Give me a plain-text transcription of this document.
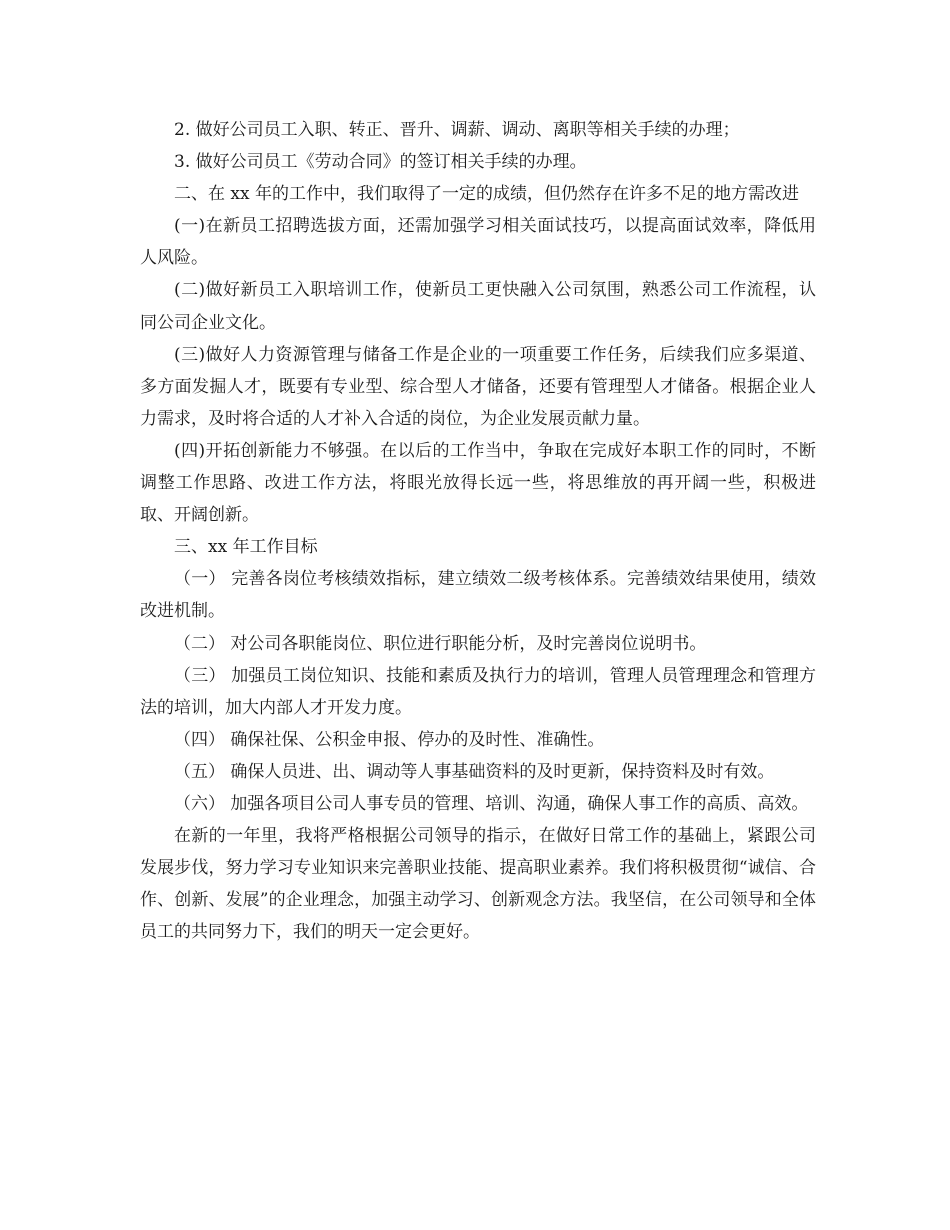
2. 做好公司员工入职、转正、晋升、调薪、调动、离职等相关手续的办理；

3. 做好公司员工《劳动合同》的签订相关手续的办理。

二、在 xx 年的工作中，我们取得了一定的成绩，但仍然存在许多不足的地方需改进

(一)在新员工招聘选拔方面，还需加强学习相关面试技巧，以提高面试效率，降低用人风险。

(二)做好新员工入职培训工作，使新员工更快融入公司氛围，熟悉公司工作流程，认同公司企业文化。

(三)做好人力资源管理与储备工作是企业的一项重要工作任务，后续我们应多渠道、多方面发掘人才，既要有专业型、综合型人才储备，还要有管理型人才储备。根据企业人力需求，及时将合适的人才补入合适的岗位，为企业发展贡献力量。

(四)开拓创新能力不够强。在以后的工作当中，争取在完成好本职工作的同时，不断调整工作思路、改进工作方法，将眼光放得长远一些，将思维放的再开阔一些，积极进取、开阔创新。

三、xx 年工作目标

（一） 完善各岗位考核绩效指标，建立绩效二级考核体系。完善绩效结果使用，绩效改进机制。

（二） 对公司各职能岗位、职位进行职能分析，及时完善岗位说明书。

（三） 加强员工岗位知识、技能和素质及执行力的培训，管理人员管理理念和管理方法的培训，加大内部人才开发力度。

（四） 确保社保、公积金申报、停办的及时性、准确性。

（五） 确保人员进、出、调动等人事基础资料的及时更新，保持资料及时有效。

（六） 加强各项目公司人事专员的管理、培训、沟通，确保人事工作的高质、高效。

在新的一年里，我将严格根据公司领导的指示，在做好日常工作的基础上，紧跟公司发展步伐，努力学习专业知识来完善职业技能、提高职业素养。我们将积极贯彻“诚信、合作、创新、发展”的企业理念，加强主动学习、创新观念方法。我坚信，在公司领导和全体员工的共同努力下，我们的明天一定会更好。
